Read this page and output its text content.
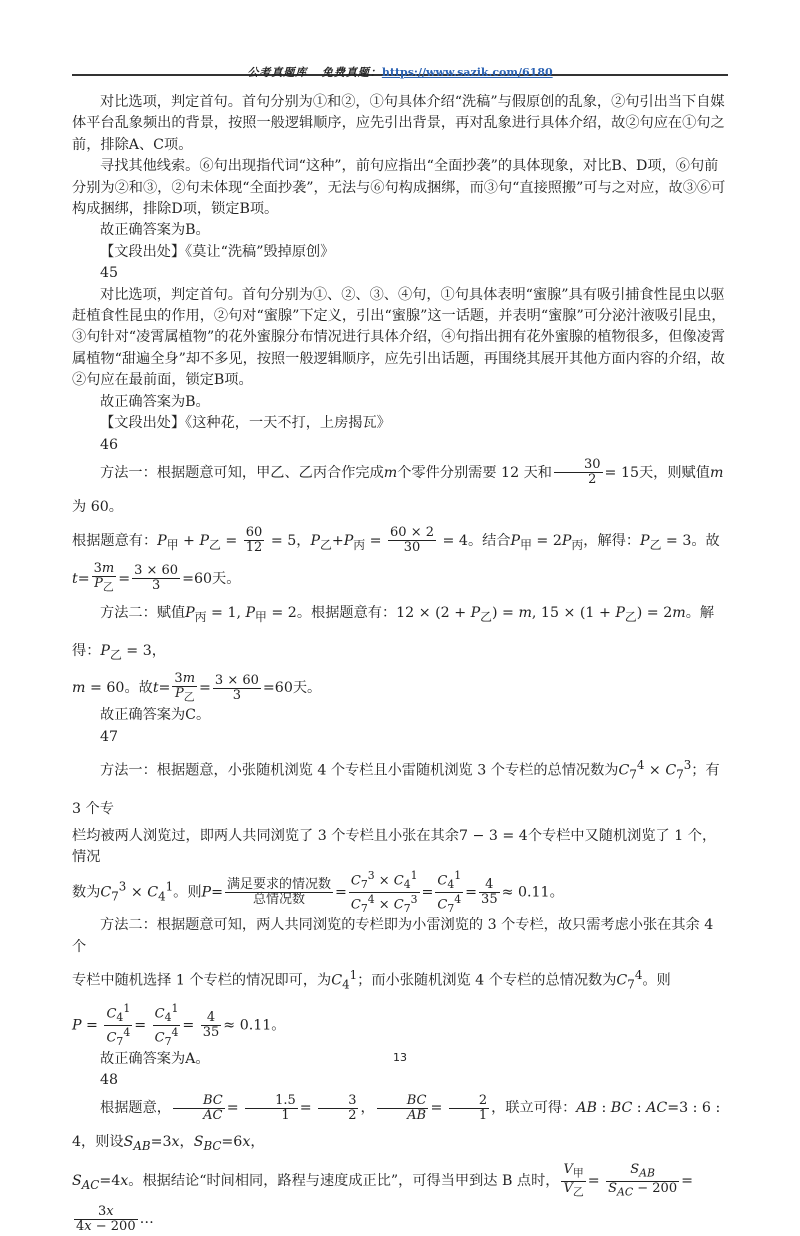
公考真题库 免费真题：https://www.sazik.com/6180

对比选项，判定首句。首句分别为①和②，①句具体介绍“洗稿”与假原创的乱象，②句引出当下自媒体平台乱象频出的背景，按照一般逻辑顺序，应先引出背景，再对乱象进行具体介绍，故②句应在①句之前，排除A、C项。

寻找其他线索。⑥句出现指代词“这种”，前句应指出“全面抄袭”的具体现象，对比B、D项，⑥句前分别为②和③，②句未体现“全面抄袭”，无法与⑥句构成捆绑，而③句“直接照搬”可与之对应，故③⑥可构成捆绑，排除D项，锁定B项。

故正确答案为B。

【文段出处】《莫让“洗稿”毁掉原创》

45

对比选项，判定首句。首句分别为①、②、③、④句，①句具体表明“蜜腺”具有吸引捕食性昆虫以驱赶植食性昆虫的作用，②句对“蜜腺”下定义，引出“蜜腺”这一话题，并表明“蜜腺”可分泌汁液吸引昆虫，③句针对“凌霄属植物”的花外蜜腺分布情况进行具体介绍，④句指出拥有花外蜜腺的植物很多，但像凌霄属植物“甜遍全身”却不多见，按照一般逻辑顺序，应先引出话题，再围绕其展开其他方面内容的介绍，故②句应在最前面，锁定B项。

故正确答案为B。

【文段出处】《这种花，一天不打，上房揭瓦》

46

方法一：根据题意可知，甲乙、乙丙合作完成m个零件分别需要 12 天和 $\frac{30}{2} = 15$天，则赋值m为 60。

根据题意有：$P_甲 + P_乙 = \frac{60}{12} = 5$，$P_乙+P_丙 = \frac{60 \times 2}{30} = 4$。结合$P_甲 = 2P_丙$，解得：$P_乙 = 3$。故

$t= \frac{3m}{P_乙} = \frac{3 \times 60}{3} =60$天。

方法二：赋值$P_丙 = 1$, $P_甲 = 2$。根据题意有：$12 \times (2 + P_乙) = m$, $15 \times (1 + P_乙) = 2m$。解得：$P_乙 = 3$，

m = 60。故$t= \frac{3m}{P_乙} = \frac{3 \times 60}{3} =60$天。

故正确答案为C。

47

方法一：根据题意，小张随机浏览 4 个专栏且小雷随机浏览 3 个专栏的总情况数为$C_7^4 \times C_7^3$；有 3 个专

栏均被两人浏览过，即两人共同浏览了 3 个专栏且小张在其余7 − 3 = 4个专栏中又随机浏览了 1 个，情况

数为$C_7^3 \times C_4^1$。则$P= \frac{\text{满足要求的情况数}}{\text{总情况数}} = \frac{C_7^3 \times C_4^1}{C_7^4 \times C_7^3} = \frac{C_4^1}{C_7^4} = \frac{4}{35} \approx 0.11$。

方法二：根据题意可知，两人共同浏览的专栏即为小雷浏览的 3 个专栏，故只需考虑小张在其余 4 个

专栏中随机选择 1 个专栏的情况即可，为$C_4^1$；而小张随机浏览 4 个专栏的总情况数为$C_7^4$。则

$P = \frac{C_4^1}{C_7^4} = \frac{C_4^1}{C_7^4} = \frac{4}{35} \approx 0.11$。

故正确答案为A。

48

根据题意， $\frac{BC}{AC} = \frac{1.5}{1} = \frac{3}{2}$ ， $\frac{BC}{AB} = \frac{2}{1}$ ，联立可得：AB : BC : AC=3 : 6 : 4，则设$S_{AB}=3x$，$S_{BC}=6x$，

$S_{AC}=4x$。根据结论“时间相同，路程与速度成正比”，可得当甲到达 B 点时， $\frac{V_甲}{V_乙} = \frac{S_{AB}}{S_{AC} - 200}$ =
$\frac{3x}{4x - 200}$ …

13
